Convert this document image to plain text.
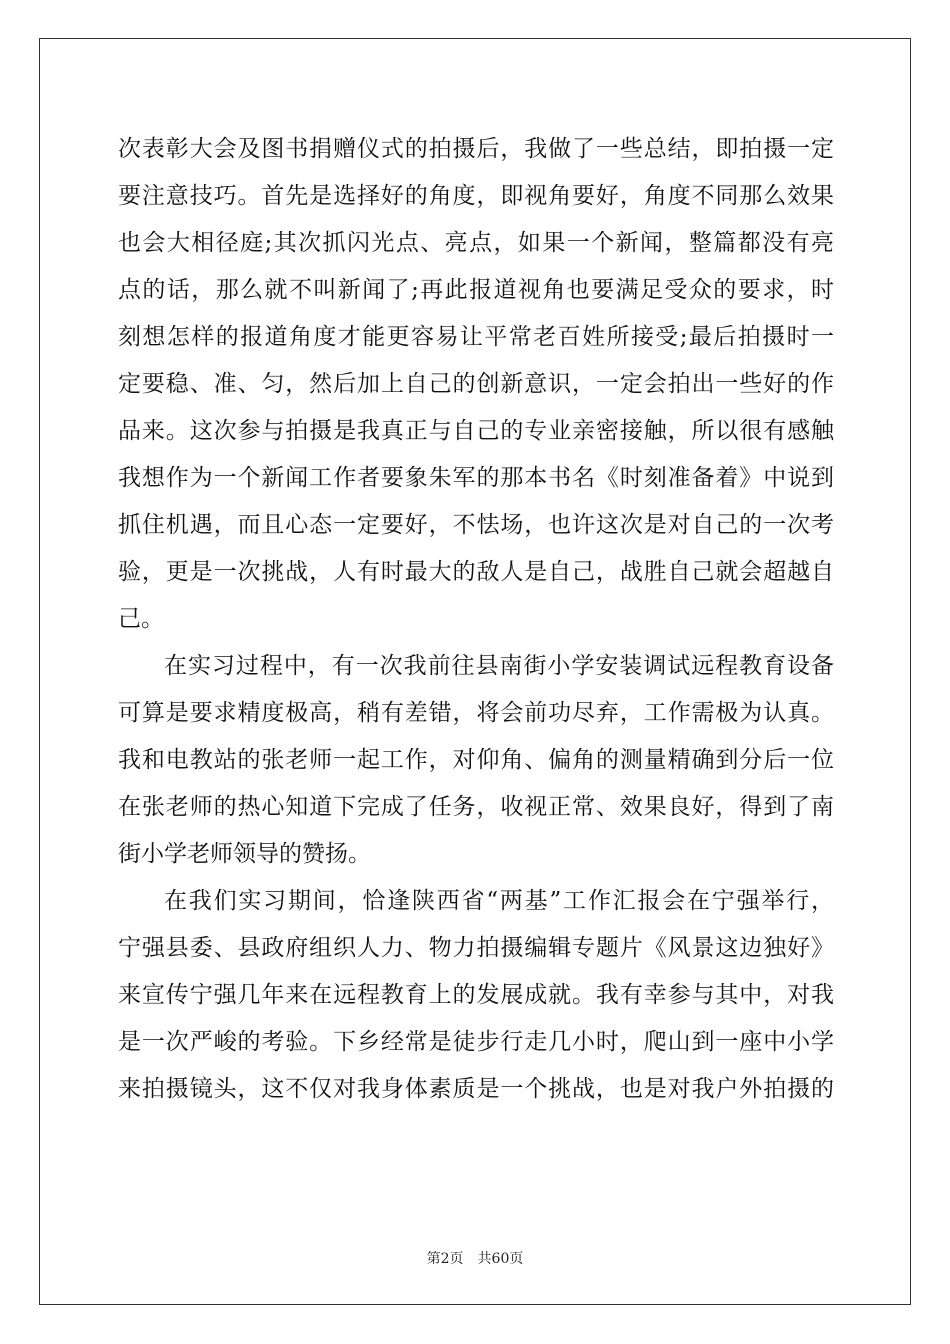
次表彰大会及图书捐赠仪式的拍摄后，我做了一些总结，即拍摄一定
要注意技巧。首先是选择好的角度，即视角要好，角度不同那么效果
也会大相径庭;其次抓闪光点、亮点，如果一个新闻，整篇都没有亮
点的话，那么就不叫新闻了;再此报道视角也要满足受众的要求，时
刻想怎样的报道角度才能更容易让平常老百姓所接受;最后拍摄时一
定要稳、准、匀，然后加上自己的创新意识，一定会拍出一些好的作
品来。这次参与拍摄是我真正与自己的专业亲密接触，所以很有感触
我想作为一个新闻工作者要象朱军的那本书名《时刻准备着》中说到
抓住机遇，而且心态一定要好，不怯场，也许这次是对自己的一次考
验，更是一次挑战，人有时最大的敌人是自己，战胜自己就会超越自
己。
在实习过程中，有一次我前往县南街小学安装调试远程教育设备
可算是要求精度极高，稍有差错，将会前功尽弃，工作需极为认真。
我和电教站的张老师一起工作，对仰角、偏角的测量精确到分后一位
在张老师的热心知道下完成了任务，收视正常、效果良好，得到了南
街小学老师领导的赞扬。
在我们实习期间，恰逢陕西省“两基”工作汇报会在宁强举行，
宁强县委、县政府组织人力、物力拍摄编辑专题片《风景这边独好》
来宣传宁强几年来在远程教育上的发展成就。我有幸参与其中，对我
是一次严峻的考验。下乡经常是徒步行走几小时，爬山到一座中小学
来拍摄镜头，这不仅对我身体素质是一个挑战，也是对我户外拍摄的
第2页　共60页
